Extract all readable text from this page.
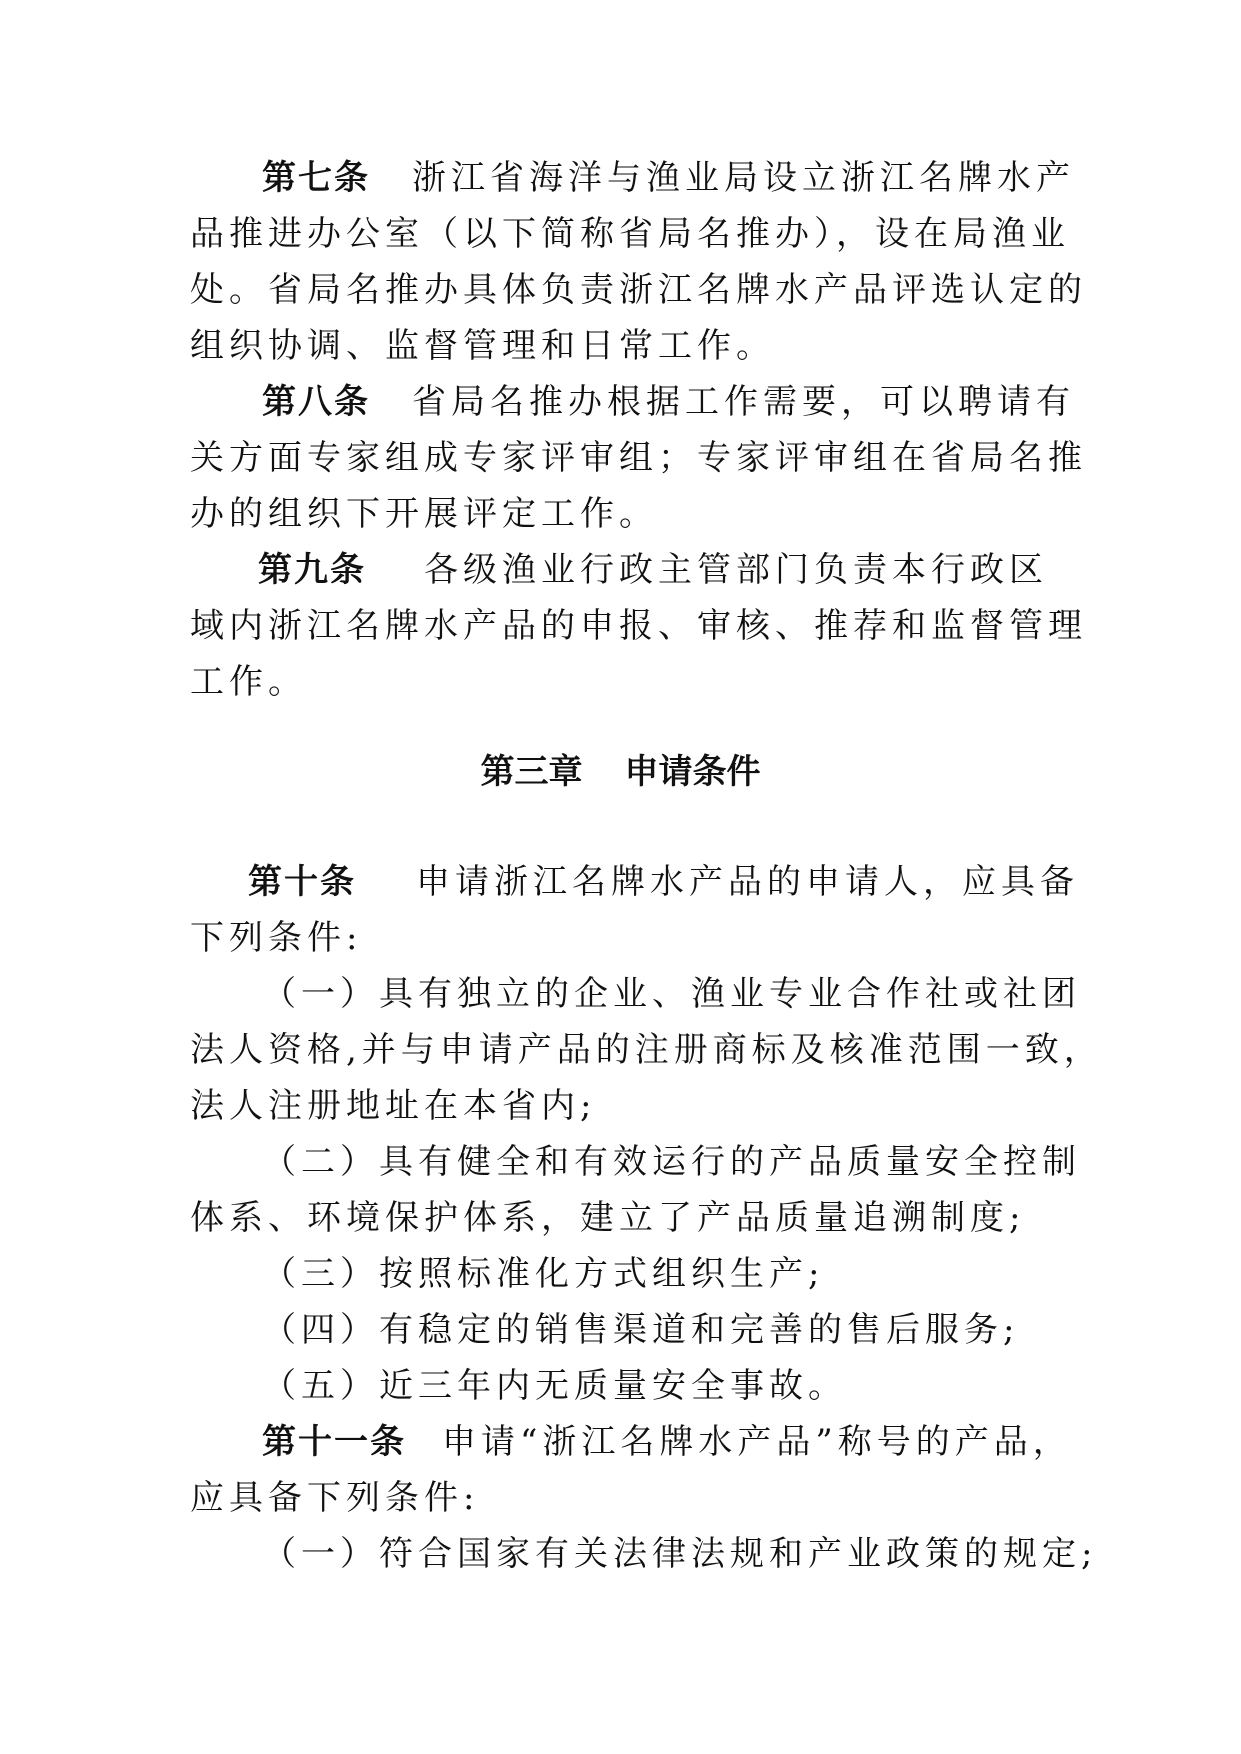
第七条 浙江省海洋与渔业局设立浙江名牌水产
品推进办公室（以下简称省局名推办），设在局渔业
处。省局名推办具体负责浙江名牌水产品评选认定的
组织协调、监督管理和日常工作。
第八条 省局名推办根据工作需要，可以聘请有
关方面专家组成专家评审组；专家评审组在省局名推
办的组织下开展评定工作。
第九条 各级渔业行政主管部门负责本行政区
域内浙江名牌水产品的申报、审核、推荐和监督管理
工作。
第三章 申请条件
第十条 申请浙江名牌水产品的申请人，应具备
下列条件:
（一）具有独立的企业、渔业专业合作社或社团
法人资格,并与申请产品的注册商标及核准范围一致，
法人注册地址在本省内;
（二）具有健全和有效运行的产品质量安全控制
体系、环境保护体系，建立了产品质量追溯制度;
（三）按照标准化方式组织生产;
（四）有稳定的销售渠道和完善的售后服务;
（五）近三年内无质量安全事故。
第十一条 申请“浙江名牌水产品”称号的产品，
应具备下列条件:
（一）符合国家有关法律法规和产业政策的规定;
